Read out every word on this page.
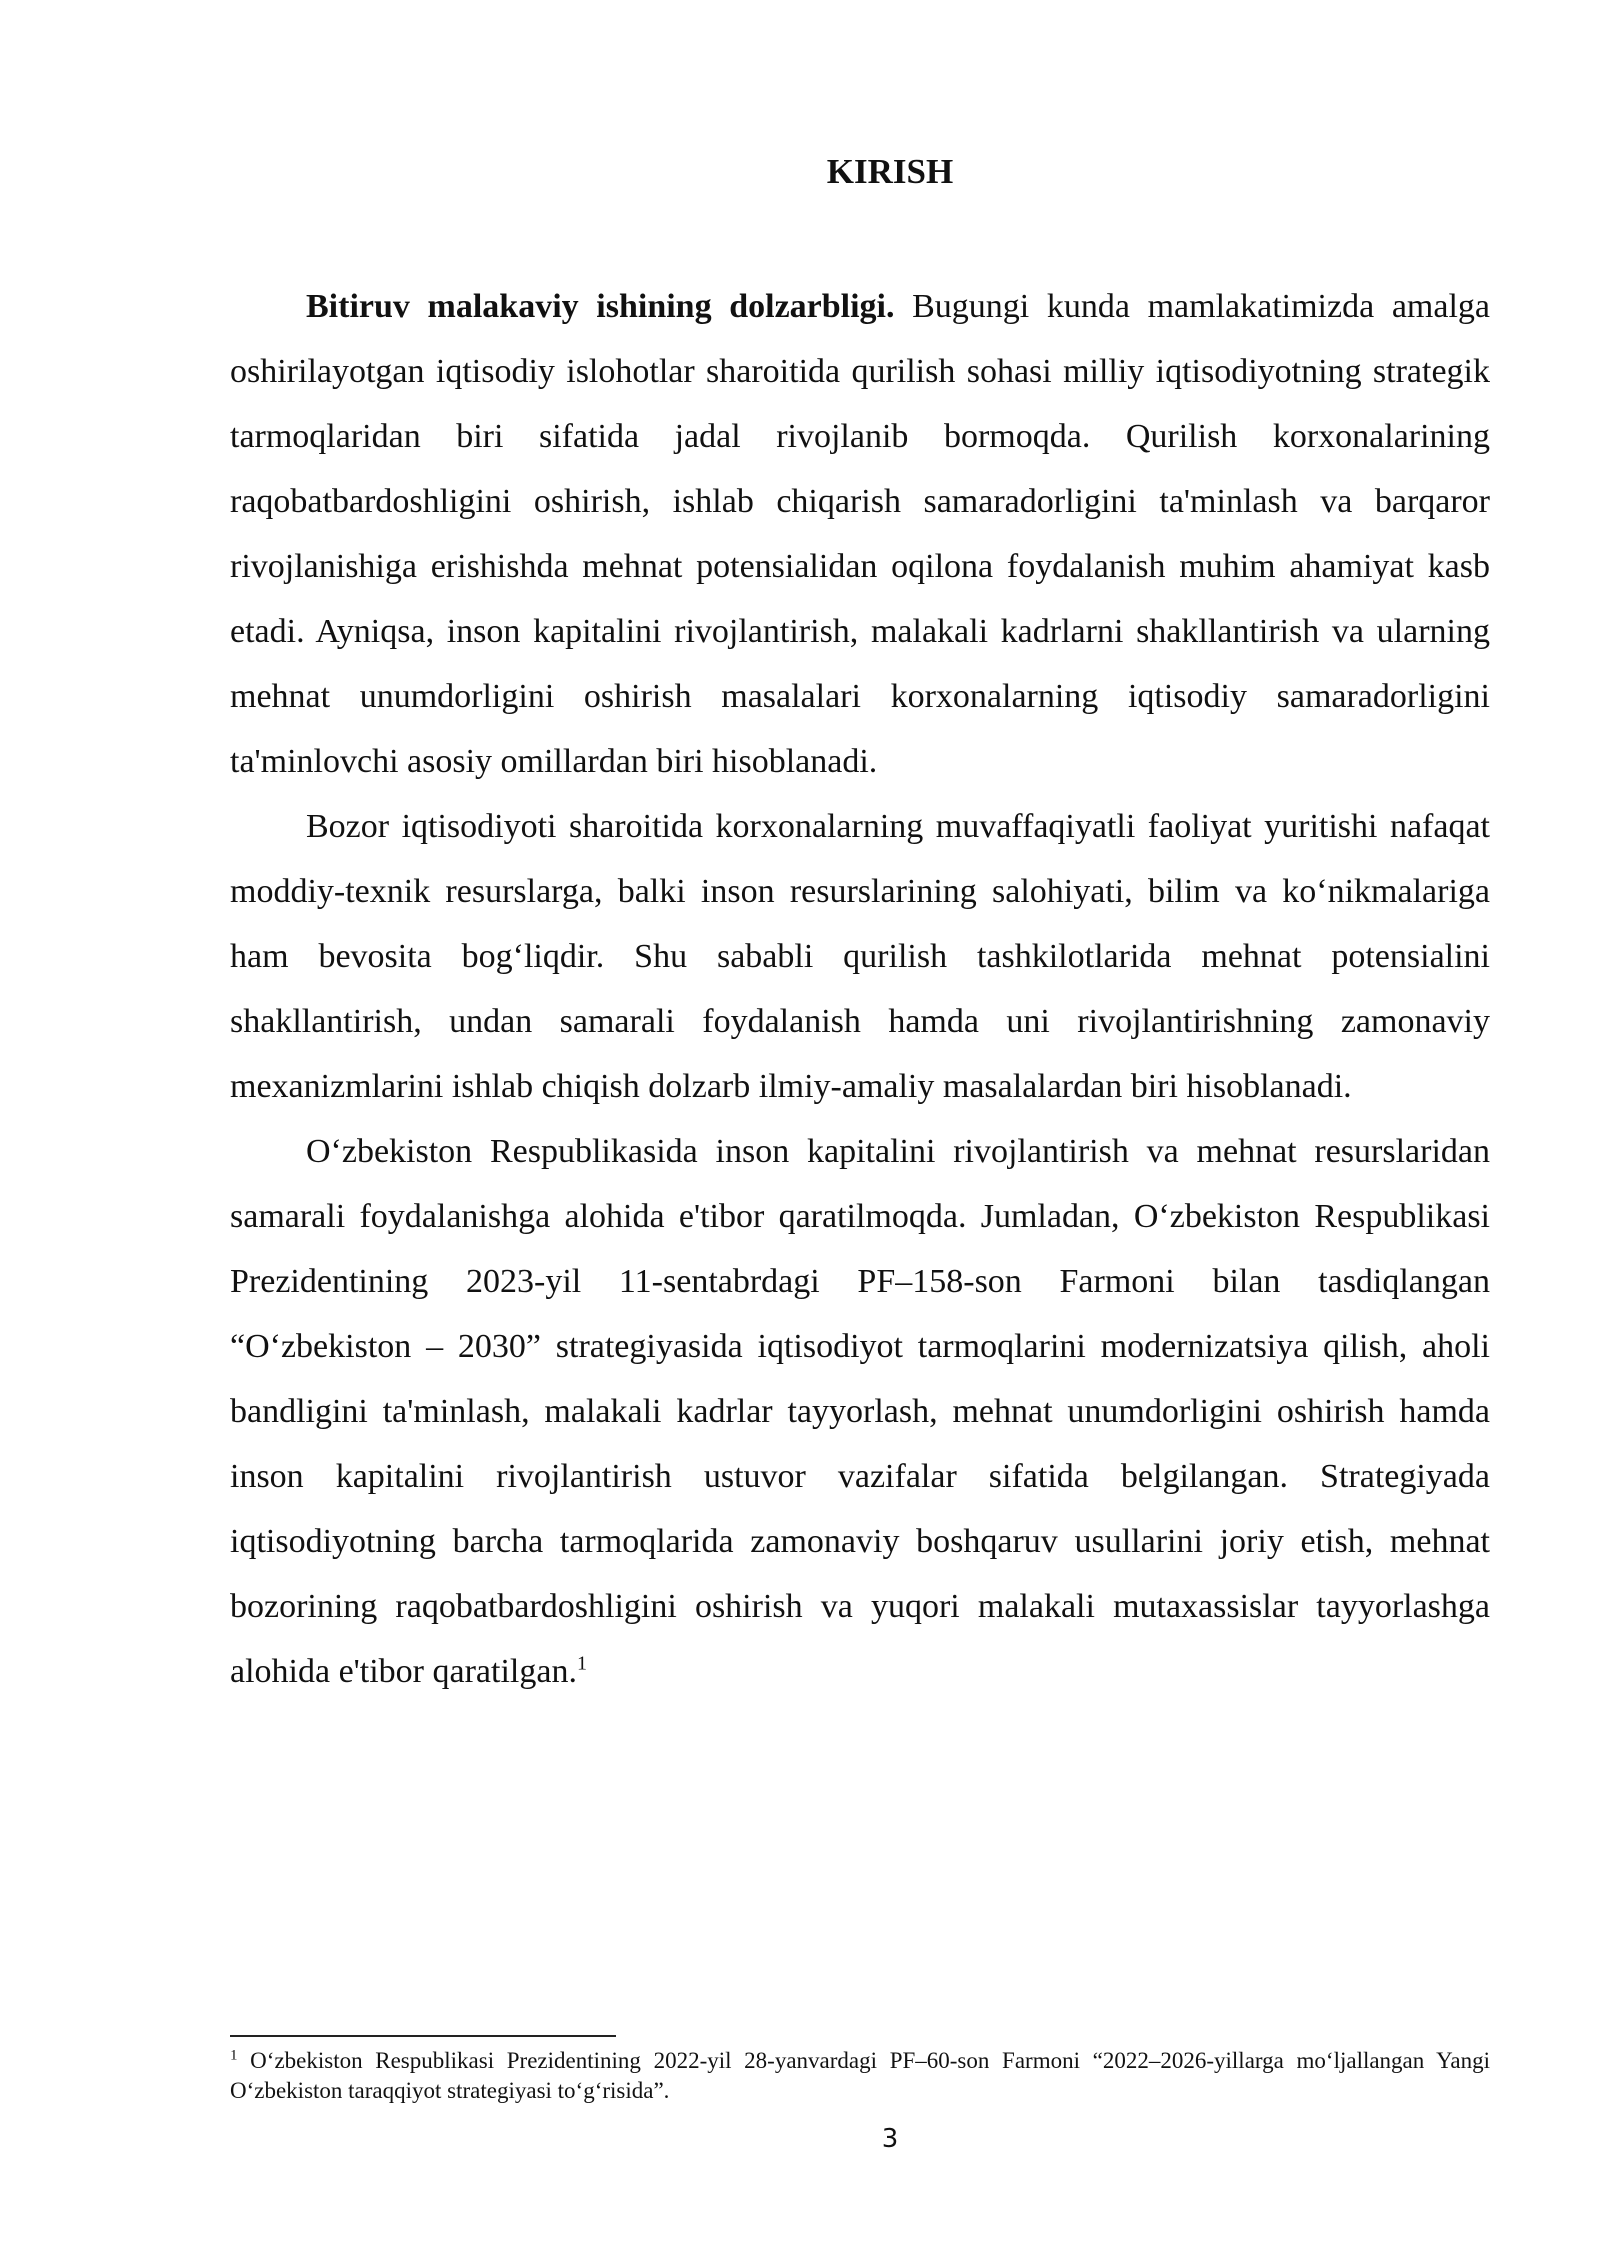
KIRISH

Bitiruv malakaviy ishining dolzarbligi. Bugungi kunda mamlakatimizda amalga oshirilayotgan iqtisodiy islohotlar sharoitida qurilish sohasi milliy iqtisodiyotning strategik tarmoqlaridan biri sifatida jadal rivojlanib bormoqda. Qurilish korxonalarining raqobatbardoshligini oshirish, ishlab chiqarish samaradorligini ta'minlash va barqaror rivojlanishiga erishishda mehnat potensialidan oqilona foydalanish muhim ahamiyat kasb etadi. Ayniqsa, inson kapitalini rivojlantirish, malakali kadrlarni shakllantirish va ularning mehnat unumdorligini oshirish masalalari korxonalarning iqtisodiy samaradorligini ta'minlovchi asosiy omillardan biri hisoblanadi.

Bozor iqtisodiyoti sharoitida korxonalarning muvaffaqiyatli faoliyat yuritishi nafaqat moddiy-texnik resurslarga, balki inson resurslarining salohiyati, bilim va ko‘nikmalariga ham bevosita bog‘liqdir. Shu sababli qurilish tashkilotlarida mehnat potensialini shakllantirish, undan samarali foydalanish hamda uni rivojlantirishning zamonaviy mexanizmlarini ishlab chiqish dolzarb ilmiy-amaliy masalalardan biri hisoblanadi.

O‘zbekiston Respublikasida inson kapitalini rivojlantirish va mehnat resurslaridan samarali foydalanishga alohida e'tibor qaratilmoqda. Jumladan, O‘zbekiston Respublikasi Prezidentining 2023-yil 11-sentabrdagi PF–158-son Farmoni bilan tasdiqlangan “O‘zbekiston – 2030” strategiyasida iqtisodiyot tarmoqlarini modernizatsiya qilish, aholi bandligini ta'minlash, malakali kadrlar tayyorlash, mehnat unumdorligini oshirish hamda inson kapitalini rivojlantirish ustuvor vazifalar sifatida belgilangan. Strategiyada iqtisodiyotning barcha tarmoqlarida zamonaviy boshqaruv usullarini joriy etish, mehnat bozorining raqobatbardoshligini oshirish va yuqori malakali mutaxassislar tayyorlashga alohida e'tibor qaratilgan.$^1$

$^1$ O‘zbekiston Respublikasi Prezidentining 2022-yil 28-yanvardagi PF–60-son Farmoni “2022–2026-yillarga mo‘ljallangan Yangi O‘zbekiston taraqqiyot strategiyasi to‘g‘risida”.

3
